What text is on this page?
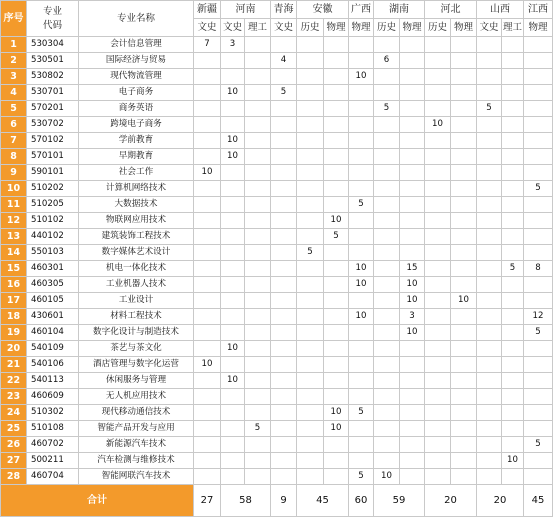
序号	专业
代码	专业名称	新疆	河南		青海	安徽		广西	湖南		河北		山西		江西
			文史	文史	理工	文史	历史	物理	物理	历史	物理	历史	物理	文史	理工	物理
1	530304	会计信息管理	7	3												
2	530501	国际经济与贸易				4				6						
3	530802	现代物流管理							10							
4	530701	电子商务		10		5										
5	570201	商务英语								5				5		
6	530702	跨境电子商务										10				
7	570102	学前教育		10												
8	570101	早期教育		10												
9	590101	社会工作	10													
10	510202	计算机网络技术														5
11	510205	大数据技术							5							
12	510102	物联网应用技术						10								
13	440102	建筑装饰工程技术						5								
14	550103	数字媒体艺术设计					5									
15	460301	机电一体化技术							10		15				5	8
16	460305	工业机器人技术							10		10					
17	460105	工业设计									10		10			
18	430601	材料工程技术							10		3					12
19	460104	数字化设计与制造技术									10					5
20	540109	茶艺与茶文化		10												
21	540106	酒店管理与数字化运营	10													
22	540113	休闲服务与管理		10												
23	460609	无人机应用技术														
24	510302	现代移动通信技术						10	5							
25	510108	智能产品开发与应用			5			10								
26	460702	新能源汽车技术														5
27	500211	汽车检测与维修技术													10	
28	460704	智能网联汽车技术							5	10						
合计			27	58		9	45		60	59		20		20		45
